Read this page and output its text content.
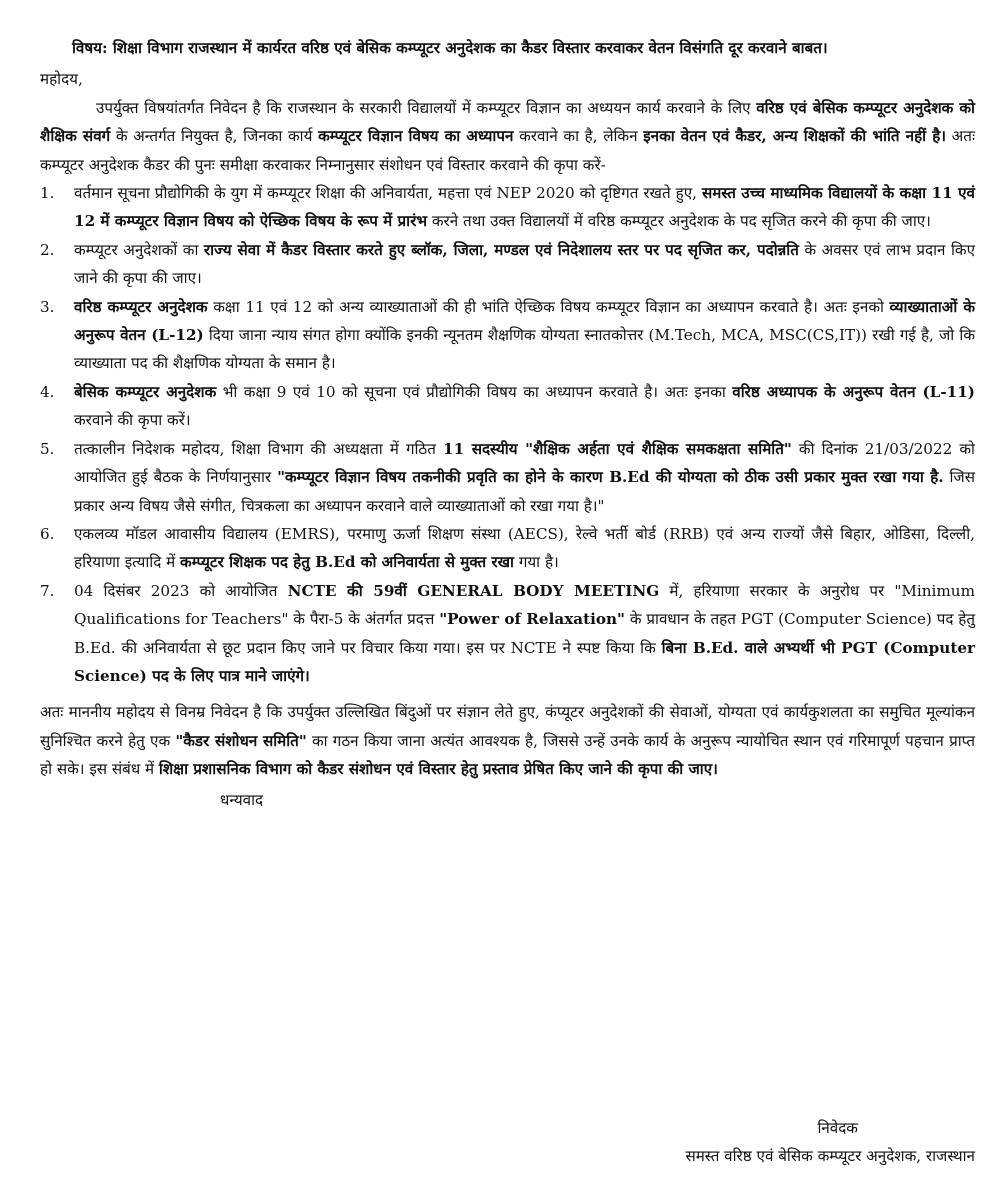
विषय: शिक्षा विभाग राजस्थान में कार्यरत वरिष्ठ एवं बेसिक कम्प्यूटर अनुदेशक का कैडर विस्तार करवाकर वेतन विसंगति दूर करवाने बाबत।

महोदय,

उपर्युक्त विषयांतर्गत निवेदन है कि राजस्थान के सरकारी विद्यालयों में कम्प्यूटर विज्ञान का अध्ययन कार्य करवाने के लिए वरिष्ठ एवं बेसिक कम्प्यूटर अनुदेशक को शैक्षिक संवर्ग के अन्तर्गत नियुक्त है, जिनका कार्य कम्प्यूटर विज्ञान विषय का अध्यापन करवाने का है, लेकिन इनका वेतन एवं कैडर, अन्य शिक्षकों की भांति नहीं है। अतः कम्प्यूटर अनुदेशक कैडर की पुनः समीक्षा करवाकर निम्नानुसार संशोधन एवं विस्तार करवाने की कृपा करें-

1.	वर्तमान सूचना प्रौद्योगिकी के युग में कम्प्यूटर शिक्षा की अनिवार्यता, महत्ता एवं NEP 2020 को दृष्टिगत रखते हुए, समस्त उच्च माध्यमिक विद्यालयों के कक्षा 11 एवं 12 में कम्प्यूटर विज्ञान विषय को ऐच्छिक विषय के रूप में प्रारंभ करने तथा उक्त विद्यालयों में वरिष्ठ कम्प्यूटर अनुदेशक के पद सृजित करने की कृपा की जाए।
2.	कम्प्यूटर अनुदेशकों का राज्य सेवा में कैडर विस्तार करते हुए ब्लॉक, जिला, मण्डल एवं निदेशालय स्तर पर पद सृजित कर, पदोन्नति के अवसर एवं लाभ प्रदान किए जाने की कृपा की जाए।
3.	वरिष्ठ कम्प्यूटर अनुदेशक कक्षा 11 एवं 12 को अन्य व्याख्याताओं की ही भांति ऐच्छिक विषय कम्प्यूटर विज्ञान का अध्यापन करवाते है। अतः इनको व्याख्याताओं के अनुरूप वेतन (L-12) दिया जाना न्याय संगत होगा क्योंकि इनकी न्यूनतम शैक्षणिक योग्यता स्नातकोत्तर (M.Tech, MCA, MSC(CS,IT)) रखी गई है, जो कि व्याख्याता पद की शैक्षणिक योग्यता के समान है।
4.	बेसिक कम्प्यूटर अनुदेशक भी कक्षा 9 एवं 10 को सूचना एवं प्रौद्योगिकी विषय का अध्यापन करवाते है। अतः इनका वरिष्ठ अध्यापक के अनुरूप वेतन (L-11) करवाने की कृपा करें।
5.	तत्कालीन निदेशक महोदय, शिक्षा विभाग की अध्यक्षता में गठित 11 सदस्यीय "शैक्षिक अर्हता एवं शैक्षिक समकक्षता समिति" की दिनांक 21/03/2022 को आयोजित हुई बैठक के निर्णयानुसार "कम्प्यूटर विज्ञान विषय तकनीकी प्रवृति का होने के कारण B.Ed की योग्यता को ठीक उसी प्रकार मुक्त रखा गया है. जिस प्रकार अन्य विषय जैसे संगीत, चित्रकला का अध्यापन करवाने वाले व्याख्याताओं को रखा गया है।"
6.	एकलव्य मॉडल आवासीय विद्यालय (EMRS), परमाणु ऊर्जा शिक्षण संस्था (AECS), रेल्वे भर्ती बोर्ड (RRB) एवं अन्य राज्यों जैसे बिहार, ओडिसा, दिल्ली, हरियाणा इत्यादि में कम्प्यूटर शिक्षक पद हेतु B.Ed को अनिवार्यता से मुक्त रखा गया है।
7.	04 दिसंबर 2023 को आयोजित NCTE की 59वीं GENERAL BODY MEETING में, हरियाणा सरकार के अनुरोध पर "Minimum Qualifications for Teachers" के पैरा-5 के अंतर्गत प्रदत्त "Power of Relaxation" के प्रावधान के तहत PGT (Computer Science) पद हेतु B.Ed. की अनिवार्यता से छूट प्रदान किए जाने पर विचार किया गया। इस पर NCTE ने स्पष्ट किया कि बिना B.Ed. वाले अभ्यर्थी भी PGT (Computer Science) पद के लिए पात्र माने जाएंगे।

अतः माननीय महोदय से विनम्र निवेदन है कि उपर्युक्त उल्लिखित बिंदुओं पर संज्ञान लेते हुए, कंप्यूटर अनुदेशकों की सेवाओं, योग्यता एवं कार्यकुशलता का समुचित मूल्यांकन सुनिश्चित करने हेतु एक "कैडर संशोधन समिति" का गठन किया जाना अत्यंत आवश्यक है, जिससे उन्हें उनके कार्य के अनुरूप न्यायोचित स्थान एवं गरिमापूर्ण पहचान प्राप्त हो सके। इस संबंध में शिक्षा प्रशासनिक विभाग को कैडर संशोधन एवं विस्तार हेतु प्रस्ताव प्रेषित किए जाने की कृपा की जाए।

धन्यवाद

निवेदक
समस्त वरिष्ठ एवं बेसिक कम्प्यूटर अनुदेशक, राजस्थान
